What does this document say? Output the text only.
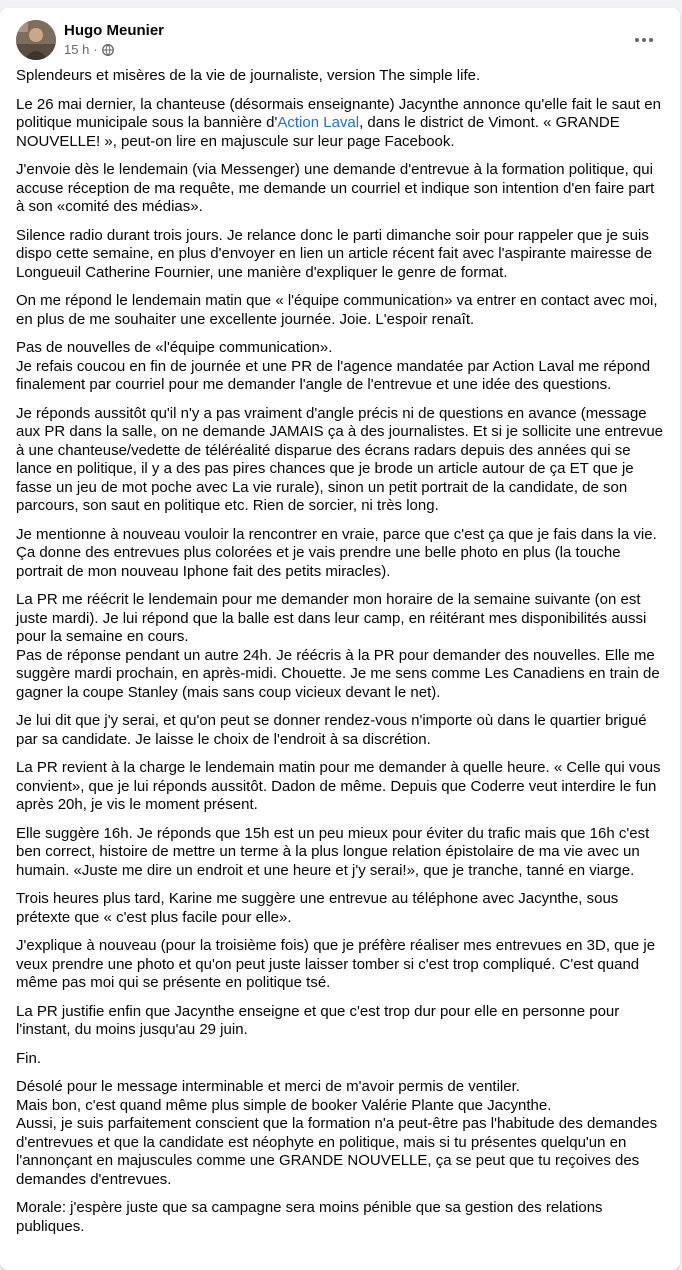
Hugo Meunier
15 h ·

Splendeurs et misères de la vie de journaliste, version The simple life.

Le 26 mai dernier, la chanteuse (désormais enseignante) Jacynthe annonce qu'elle fait le saut en politique municipale sous la bannière d'Action Laval, dans le district de Vimont. « GRANDE NOUVELLE! », peut-on lire en majuscule sur leur page Facebook.

J'envoie dès le lendemain (via Messenger) une demande d'entrevue à la formation politique, qui accuse réception de ma requête, me demande un courriel et indique son intention d'en faire part à son «comité des médias».

Silence radio durant trois jours. Je relance donc le parti dimanche soir pour rappeler que je suis dispo cette semaine, en plus d'envoyer en lien un article récent fait avec l'aspirante mairesse de Longueuil Catherine Fournier, une manière d'expliquer le genre de format.

On me répond le lendemain matin que « l'équipe communication» va entrer en contact avec moi, en plus de me souhaiter une excellente journée. Joie. L'espoir renaît.

Pas de nouvelles de «l'équipe communication».
Je refais coucou en fin de journée et une PR de l'agence mandatée par Action Laval me répond finalement par courriel pour me demander l'angle de l'entrevue et une idée des questions.

Je réponds aussitôt qu'il n'y a pas vraiment d'angle précis ni de questions en avance (message aux PR dans la salle, on ne demande JAMAIS ça à des journalistes. Et si je sollicite une entrevue à une chanteuse/vedette de téléréalité disparue des écrans radars depuis des années qui se lance en politique, il y a des pas pires chances que je brode un article autour de ça ET que je fasse un jeu de mot poche avec La vie rurale), sinon un petit portrait de la candidate, de son parcours, son saut en politique etc. Rien de sorcier, ni très long.

Je mentionne à nouveau vouloir la rencontrer en vraie, parce que c'est ça que je fais dans la vie. Ça donne des entrevues plus colorées et je vais prendre une belle photo en plus (la touche portrait de mon nouveau Iphone fait des petits miracles).

La PR me réécrit le lendemain pour me demander mon horaire de la semaine suivante (on est juste mardi). Je lui répond que la balle est dans leur camp, en réitérant mes disponibilités aussi pour la semaine en cours.
Pas de réponse pendant un autre 24h. Je réécris à la PR pour demander des nouvelles. Elle me suggère mardi prochain, en après-midi. Chouette. Je me sens comme Les Canadiens en train de gagner la coupe Stanley (mais sans coup vicieux devant le net).

Je lui dit que j'y serai, et qu'on peut se donner rendez-vous n'importe où dans le quartier brigué par sa candidate. Je laisse le choix de l'endroit à sa discrétion.

La PR revient à la charge le lendemain matin pour me demander à quelle heure. « Celle qui vous convient», que je lui réponds aussitôt. Dadon de même. Depuis que Coderre veut interdire le fun après 20h, je vis le moment présent.

Elle suggère 16h. Je réponds que 15h est un peu mieux pour éviter du trafic mais que 16h c'est ben correct, histoire de mettre un terme à la plus longue relation épistolaire de ma vie avec un humain. «Juste me dire un endroit et une heure et j'y serai!», que je tranche, tanné en viarge.

Trois heures plus tard, Karine me suggère une entrevue au téléphone avec Jacynthe, sous prétexte que « c'est plus facile pour elle».

J'explique à nouveau (pour la troisième fois) que je préfère réaliser mes entrevues en 3D, que je veux prendre une photo et qu'on peut juste laisser tomber si c'est trop compliqué. C'est quand même pas moi qui se présente en politique tsé.

La PR justifie enfin que Jacynthe enseigne et que c'est trop dur pour elle en personne pour l'instant, du moins jusqu'au 29 juin.

Fin.

Désolé pour le message interminable et merci de m'avoir permis de ventiler.
Mais bon, c'est quand même plus simple de booker Valérie Plante que Jacynthe.
Aussi, je suis parfaitement conscient que la formation n'a peut-être pas l'habitude des demandes d'entrevues et que la candidate est néophyte en politique, mais si tu présentes quelqu'un en l'annonçant en majuscules comme une GRANDE NOUVELLE, ça se peut que tu reçoives des demandes d'entrevues.

Morale: j'espère juste que sa campagne sera moins pénible que sa gestion des relations publiques.
